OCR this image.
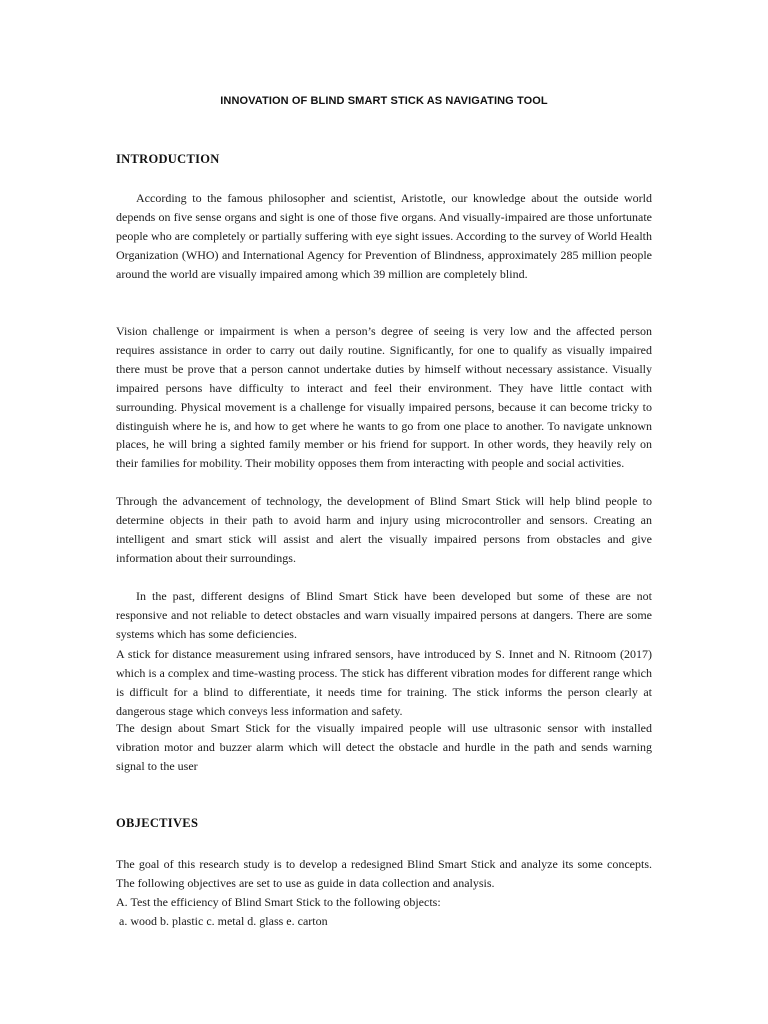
INNOVATION OF BLIND SMART STICK AS NAVIGATING TOOL
INTRODUCTION

According to the famous philosopher and scientist, Aristotle, our knowledge about the outside world depends on five sense organs and sight is one of those five organs. And visually-impaired are those unfortunate people who are completely or partially suffering with eye sight issues. According to the survey of World Health Organization (WHO) and International Agency for Prevention of Blindness, approximately 285 million people around the world are visually impaired among which 39 million are completely blind.

Vision challenge or impairment is when a person’s degree of seeing is very low and the affected person requires assistance in order to carry out daily routine. Significantly, for one to qualify as visually impaired there must be prove that a person cannot undertake duties by himself without necessary assistance. Visually impaired persons have difficulty to interact and feel their environment. They have little contact with surrounding. Physical movement is a challenge for visually impaired persons, because it can become tricky to distinguish where he is, and how to get where he wants to go from one place to another. To navigate unknown places, he will bring a sighted family member or his friend for support. In other words, they heavily rely on their families for mobility. Their mobility opposes them from interacting with people and social activities.

Through the advancement of technology, the development of Blind Smart Stick will help blind people to determine objects in their path to avoid harm and injury using microcontroller and sensors. Creating an intelligent and smart stick will assist and alert the visually impaired persons from obstacles and give information about their surroundings.

In the past, different designs of Blind Smart Stick have been developed but some of these are not responsive and not reliable to detect obstacles and warn visually impaired persons at dangers. There are some systems which has some deficiencies.

A stick for distance measurement using infrared sensors, have introduced by S. Innet and N. Ritnoom (2017) which is a complex and time-wasting process. The stick has different vibration modes for different range which is difficult for a blind to differentiate, it needs time for training. The stick informs the person clearly at dangerous stage which conveys less information and safety.

The design about Smart Stick for the visually impaired people will use ultrasonic sensor with installed vibration motor and buzzer alarm which will detect the obstacle and hurdle in the path and sends warning signal to the user

OBJECTIVES

The goal of this research study is to develop a redesigned Blind Smart Stick and analyze its some concepts. The following objectives are set to use as guide in data collection and analysis.

A. Test the efficiency of Blind Smart Stick to the following objects:
a. wood b. plastic c. metal d. glass e. carton
